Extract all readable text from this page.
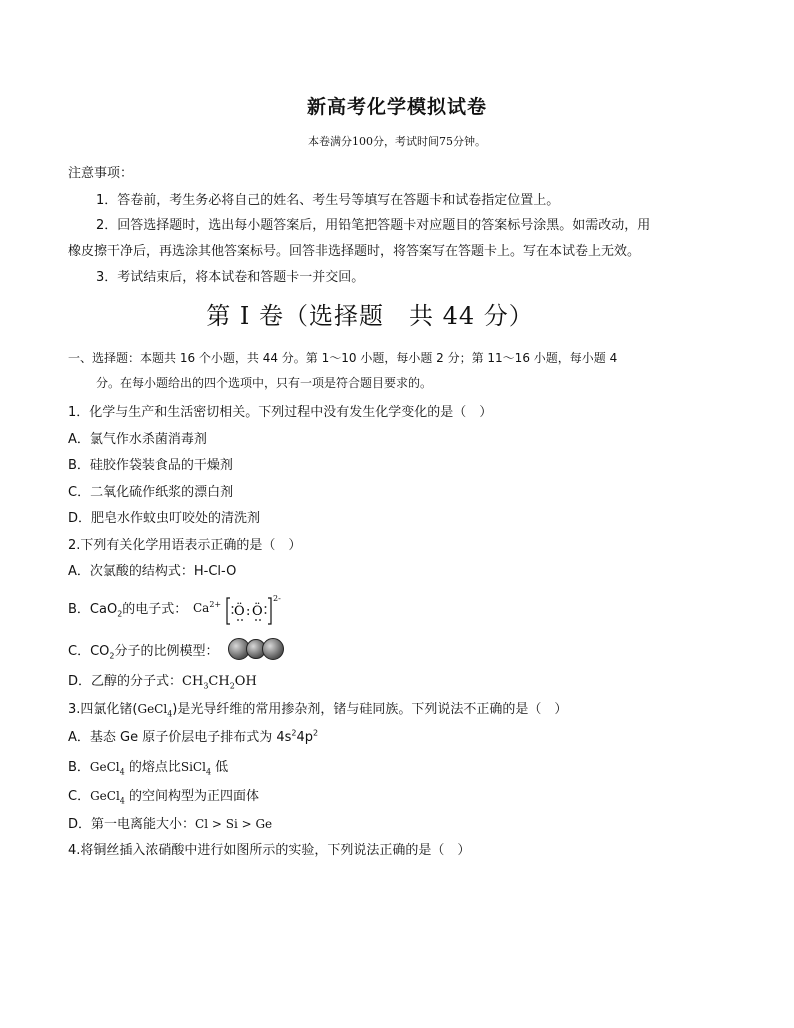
新高考化学模拟试卷
本卷满分100分，考试时间75分钟。
注意事项：
1．答卷前，考生务必将自己的姓名、考生号等填写在答题卡和试卷指定位置上。
2．回答选择题时，选出每小题答案后，用铅笔把答题卡对应题目的答案标号涂黑。如需改动，用
橡皮擦干净后，再选涂其他答案标号。回答非选择题时，将答案写在答题卡上。写在本试卷上无效。
3．考试结束后，将本试卷和答题卡一并交回。
第 I 卷（选择题　共 44 分）
一、选择题：本题共 16 个小题，共 44 分。第 1～10 小题，每小题 2 分；第 11～16 小题，每小题 4
分。在每小题给出的四个选项中，只有一项是符合题目要求的。
1．化学与生产和生活密切相关。下列过程中没有发生化学变化的是（　）
A．氯气作水杀菌消毒剂
B．硅胶作袋装食品的干燥剂
C．二氧化硫作纸浆的漂白剂
D．肥皂水作蚊虫叮咬处的清洗剂
2.下列有关化学用语表示正确的是（　）
A．次氯酸的结构式：H-Cl-O
B．CaO$_2$的电子式： $Ca^{2+}$ Ö : Ö
2-
C．$CO_2$分子的比例模型：
D．乙醇的分子式：$CH_3CH_2OH$
3.四氯化锗(GeCl$_4$)是光导纤维的常用掺杂剂，锗与硅同族。下列说法不正确的是（　）
A．基态 Ge 原子价层电子排布式为 $4s^24p^2$
B．GeCl$_4$ 的熔点比SiCl$_4$ 低
C．GeCl$_4$ 的空间构型为正四面体
D．第一电离能大小：Cl > Si > Ge
4.将铜丝插入浓硝酸中进行如图所示的实验，下列说法正确的是（　）
